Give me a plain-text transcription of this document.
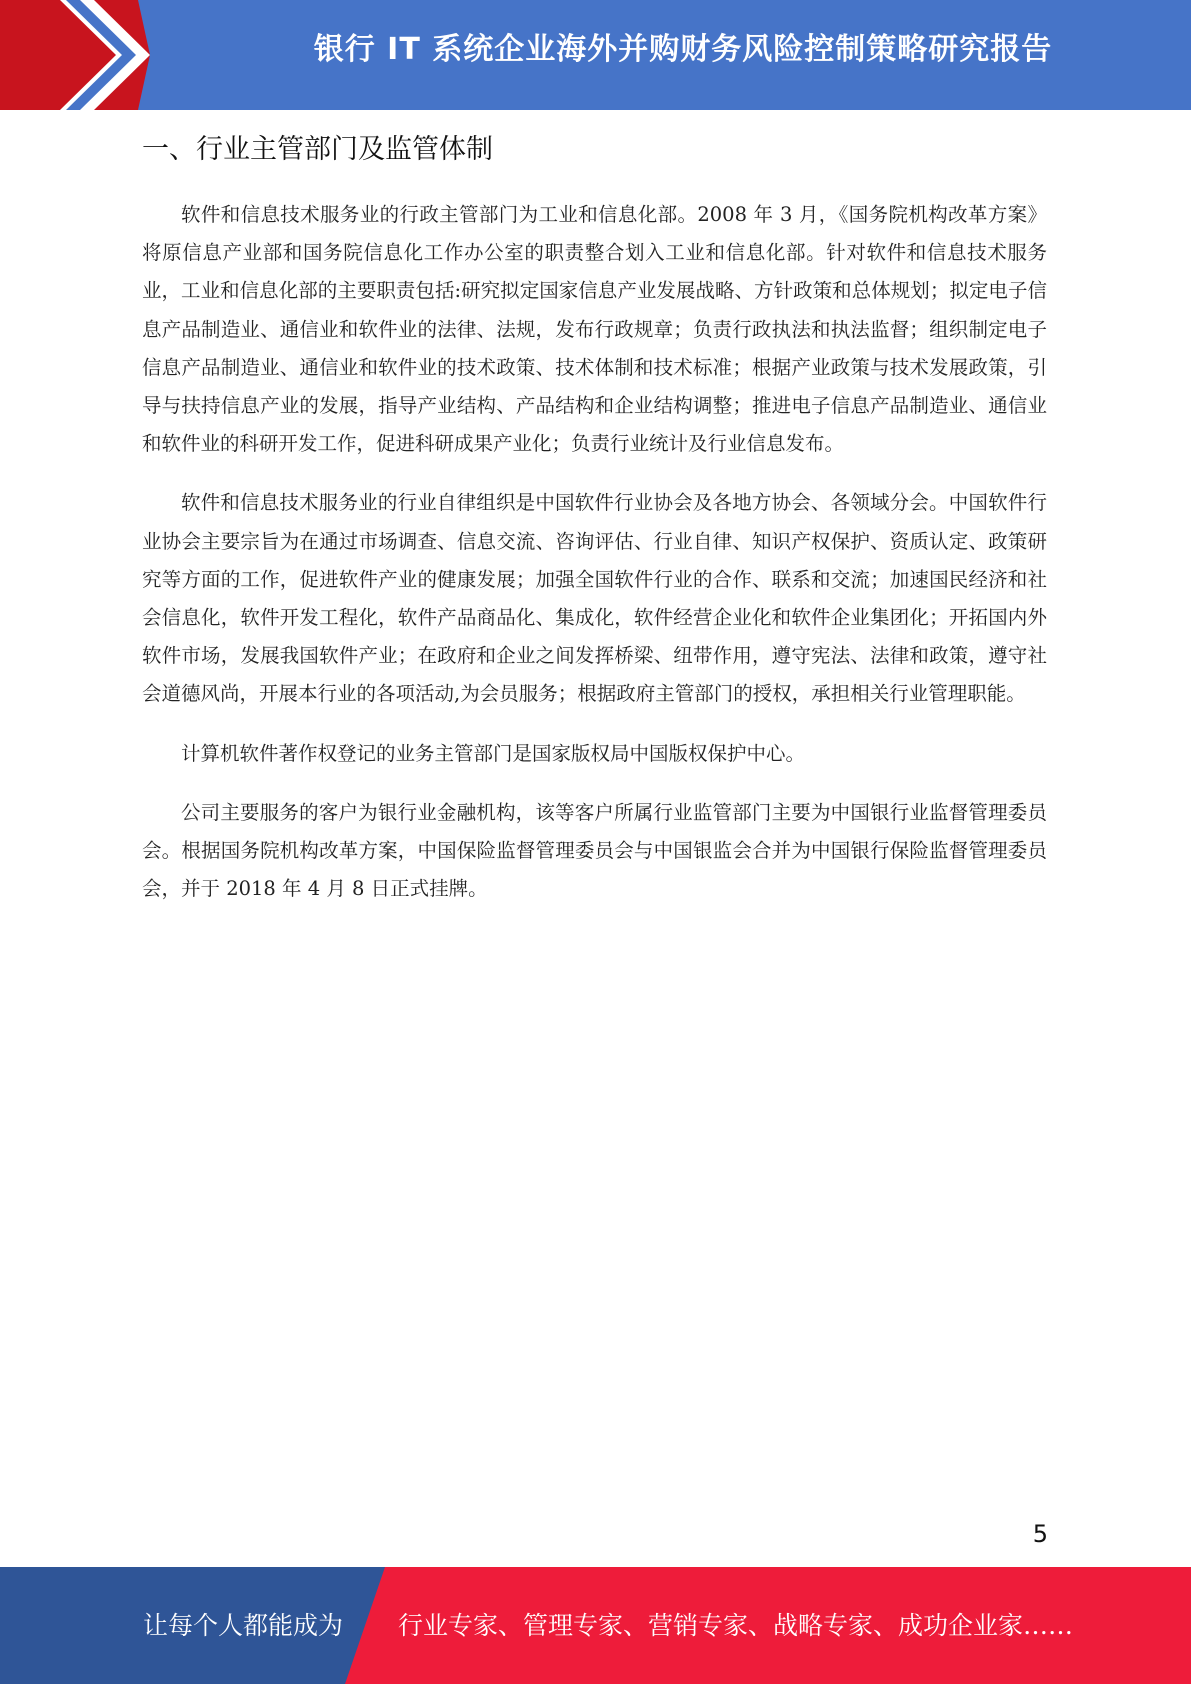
银行 IT 系统企业海外并购财务风险控制策略研究报告
一、行业主管部门及监管体制

软件和信息技术服务业的行政主管部门为工业和信息化部。2008 年 3 月，《国务院机构改革方案》将原信息产业部和国务院信息化工作办公室的职责整合划入工业和信息化部。针对软件和信息技术服务业，工业和信息化部的主要职责包括:研究拟定国家信息产业发展战略、方针政策和总体规划；拟定电子信息产品制造业、通信业和软件业的法律、法规，发布行政规章；负责行政执法和执法监督；组织制定电子信息产品制造业、通信业和软件业的技术政策、技术体制和技术标准；根据产业政策与技术发展政策，引导与扶持信息产业的发展，指导产业结构、产品结构和企业结构调整；推进电子信息产品制造业、通信业和软件业的科研开发工作，促进科研成果产业化；负责行业统计及行业信息发布。

软件和信息技术服务业的行业自律组织是中国软件行业协会及各地方协会、各领域分会。中国软件行业协会主要宗旨为在通过市场调查、信息交流、咨询评估、行业自律、知识产权保护、资质认定、政策研究等方面的工作，促进软件产业的健康发展；加强全国软件行业的合作、联系和交流；加速国民经济和社会信息化，软件开发工程化，软件产品商品化、集成化，软件经营企业化和软件企业集团化；开拓国内外软件市场，发展我国软件产业；在政府和企业之间发挥桥梁、纽带作用，遵守宪法、法律和政策，遵守社会道德风尚，开展本行业的各项活动,为会员服务；根据政府主管部门的授权，承担相关行业管理职能。

计算机软件著作权登记的业务主管部门是国家版权局中国版权保护中心。

公司主要服务的客户为银行业金融机构，该等客户所属行业监管部门主要为中国银行业监督管理委员会。根据国务院机构改革方案，中国保险监督管理委员会与中国银监会合并为中国银行保险监督管理委员会，并于 2018 年 4 月 8 日正式挂牌。

5
让每个人都能成为 行业专家、管理专家、营销专家、战略专家、成功企业家……
